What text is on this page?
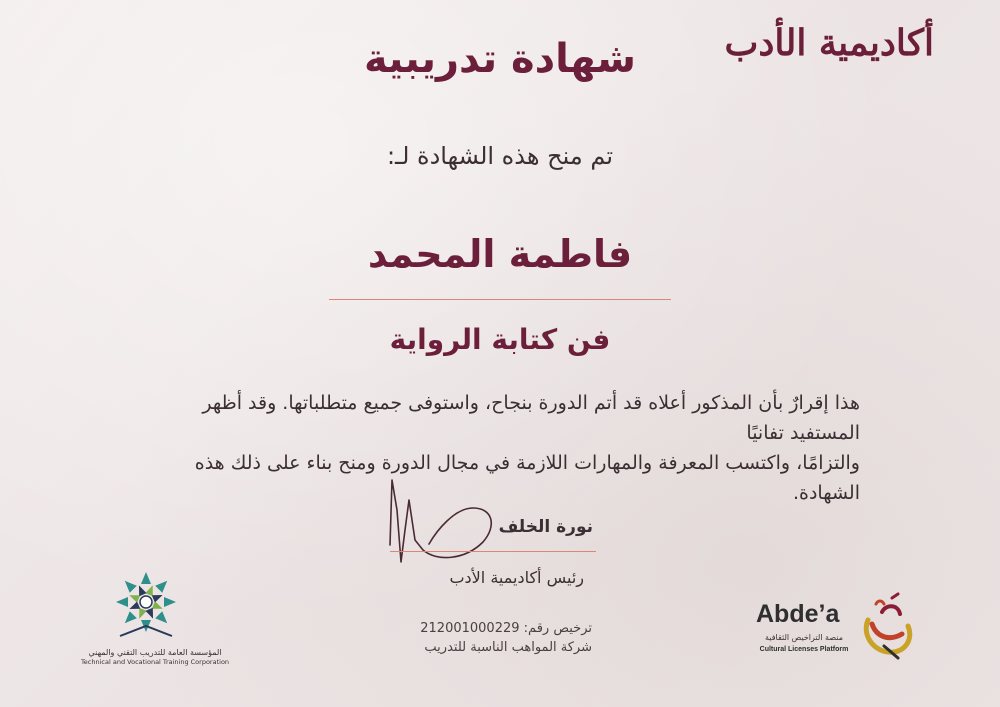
أكاديمية الأدب
شهادة تدريبية
تم منح هذه الشهادة لـ:
فاطمة المحمد
فن كتابة الرواية
هذا إقرارٌ بأن المذكور أعلاه قد أتم الدورة بنجاح، واستوفى جميع متطلباتها. وقد أظهر المستفيد تفانيًا
والتزامًا، واكتسب المعرفة والمهارات اللازمة في مجال الدورة ومنح بناء على ذلك هذه الشهادة.
نورة الخلف
رئيس أكاديمية الأدب
ترخيص رقم: 212001000229
شركة المواهب الناسبة للتدريب
المؤسسة العامة للتدريب التقني والمهني
Technical and Vocational Training Corporation
Abde’a
منصة التراخيص الثقافية
Cultural Licenses Platform
